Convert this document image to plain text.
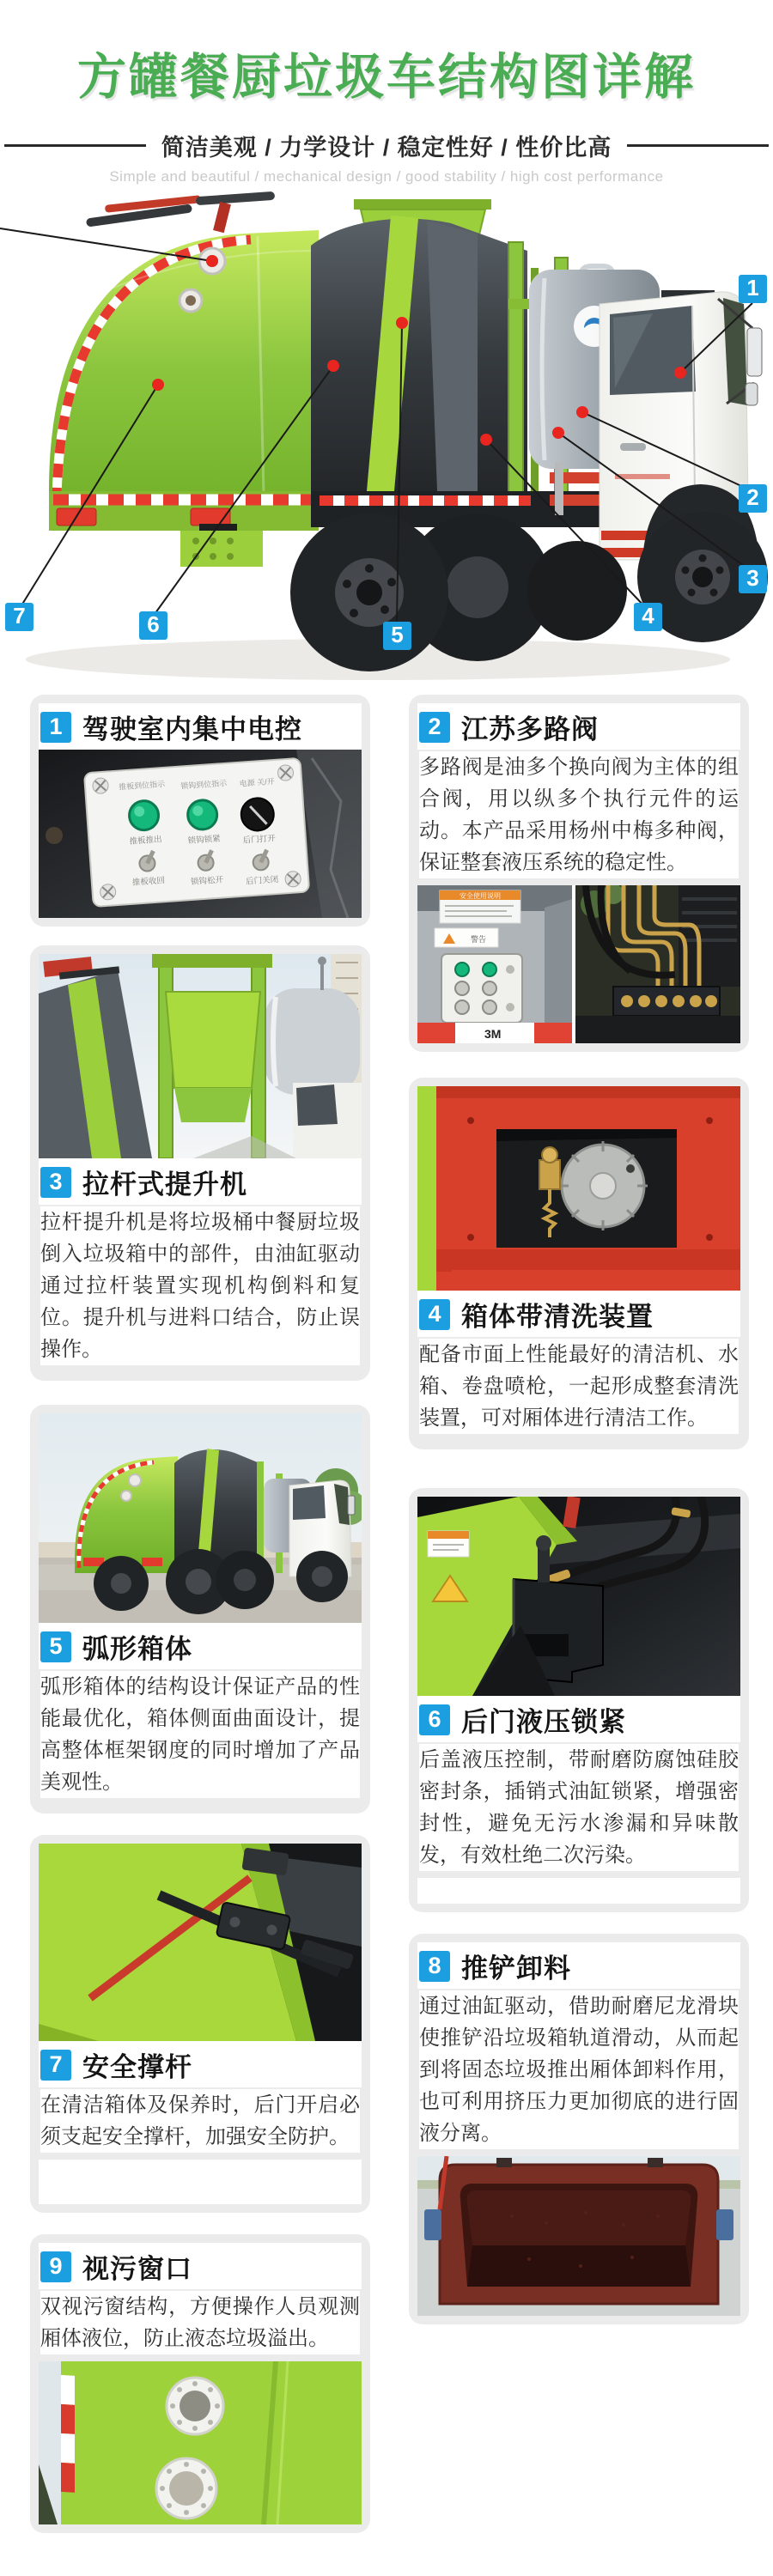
方罐餐厨垃圾车结构图详解
简洁美观 / 力学设计 / 稳定性好 / 性价比高
Simple and beautiful / mechanical design / good stability / high cost performance
1
2
3
4
5
6
7
1 驾驶室内集中电控
推板到位指示 锁钩到位指示 电源 关/开
推板推出	锁钩锁紧	后门打开
推板收回	锁钩松开	后门关闭
3 拉杆式提升机

拉杆提升机是将垃圾桶中餐厨垃圾倒入垃圾箱中的部件，由油缸驱动通过拉杆装置实现机构倒料和复位。提升机与进料口结合，防止误操作。

5 弧形箱体

弧形箱体的结构设计保证产品的性能最优化，箱体侧面曲面设计，提高整体框架钢度的同时增加了产品美观性。

7 安全撑杆

在清洁箱体及保养时，后门开启必须支起安全撑杆，加强安全防护。

9 视污窗口

双视污窗结构，方便操作人员观测厢体液位，防止液态垃圾溢出。

2 江苏多路阀

多路阀是油多个换向阀为主体的组合阀，用以纵多个执行元件的运动。本产品采用杨州中梅多种阀，保证整套液压系统的稳定性。

安全使用说明
警告
3M
4 箱体带清洗装置

配备市面上性能最好的清洁机、水箱、卷盘喷枪，一起形成整套清洗装置，可对厢体进行清洁工作。

6 后门液压锁紧

后盖液压控制，带耐磨防腐蚀硅胶密封条，插销式油缸锁紧，增强密封性，避免无污水渗漏和异味散发，有效杜绝二次污染。

8 推铲卸料

通过油缸驱动，借助耐磨尼龙滑块使推铲沿垃圾箱轨道滑动，从而起到将固态垃圾推出厢体卸料作用，也可利用挤压力更加彻底的进行固液分离。
